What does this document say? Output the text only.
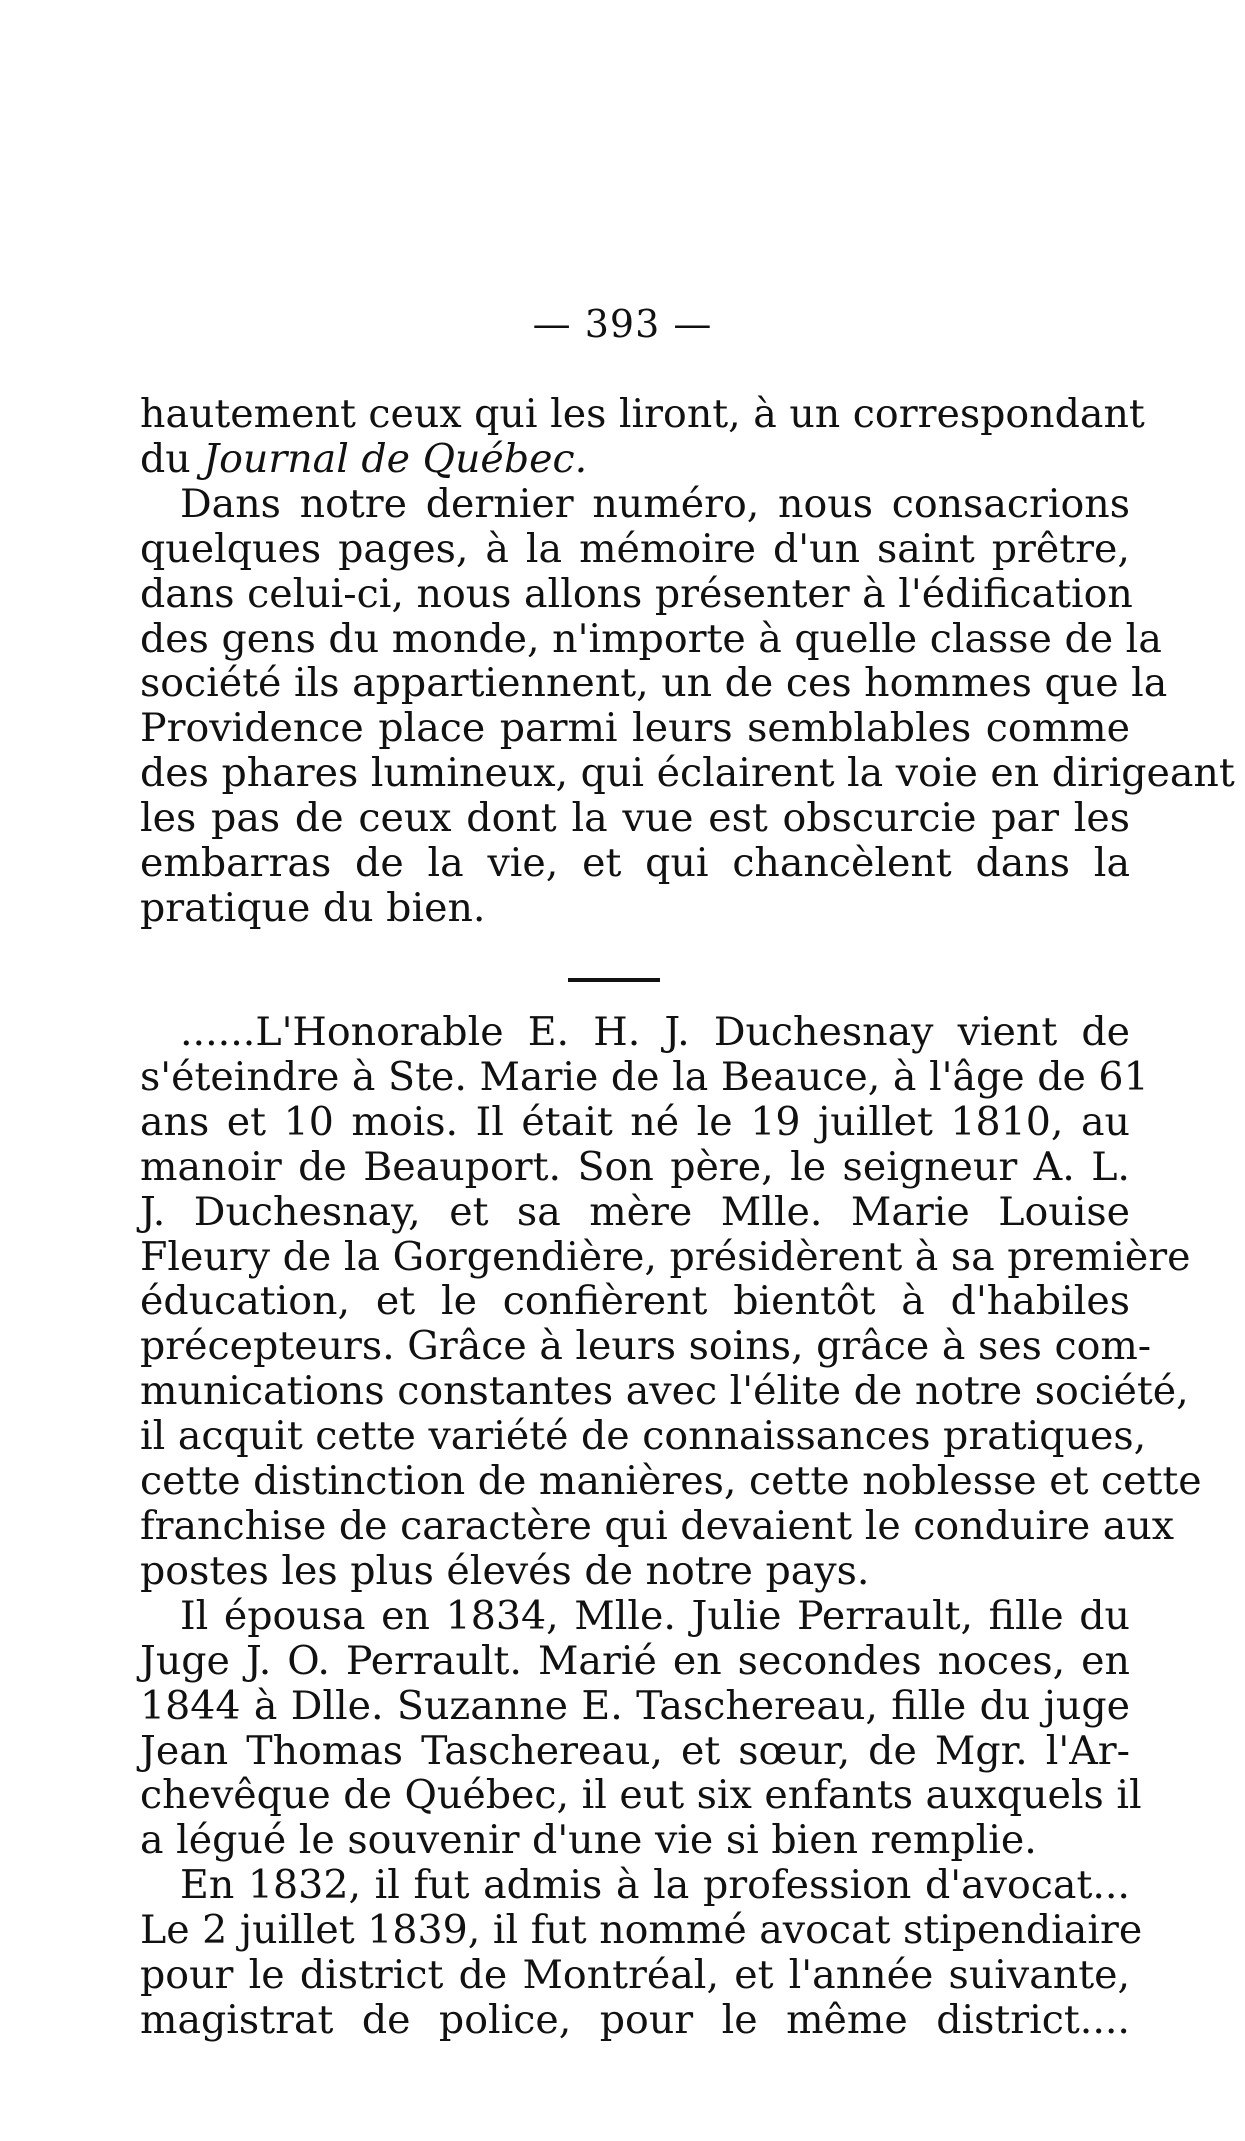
— 393 —
hautement ceux qui les liront, à un correspondant
du Journal de Québec.
Dans notre dernier numéro, nous consacrions
quelques pages, à la mémoire d'un saint prêtre,
dans celui-ci, nous allons présenter à l'édification
des gens du monde, n'importe à quelle classe de la
société ils appartiennent, un de ces hommes que la
Providence place parmi leurs semblables comme
des phares lumineux, qui éclairent la voie en dirigeant
les pas de ceux dont la vue est obscurcie par les
embarras de la vie, et qui chancèlent dans la
pratique du bien.
......L'Honorable E. H. J. Duchesnay vient de
s'éteindre à Ste. Marie de la Beauce, à l'âge de 61
ans et 10 mois. Il était né le 19 juillet 1810, au
manoir de Beauport. Son père, le seigneur A. L.
J. Duchesnay, et sa mère Mlle. Marie Louise
Fleury de la Gorgendière, présidèrent à sa première
éducation, et le confièrent bientôt à d'habiles
précepteurs. Grâce à leurs soins, grâce à ses com-
munications constantes avec l'élite de notre société,
il acquit cette variété de connaissances pratiques,
cette distinction de manières, cette noblesse et cette
franchise de caractère qui devaient le conduire aux
postes les plus élevés de notre pays.
Il épousa en 1834, Mlle. Julie Perrault, fille du
Juge J. O. Perrault. Marié en secondes noces, en
1844 à Dlle. Suzanne E. Taschereau, fille du juge
Jean Thomas Taschereau, et sœur, de Mgr. l'Ar-
chevêque de Québec, il eut six enfants auxquels il
a légué le souvenir d'une vie si bien remplie.
En 1832, il fut admis à la profession d'avocat...
Le 2 juillet 1839, il fut nommé avocat stipendiaire
pour le district de Montréal, et l'année suivante,
magistrat de police, pour le même district....
